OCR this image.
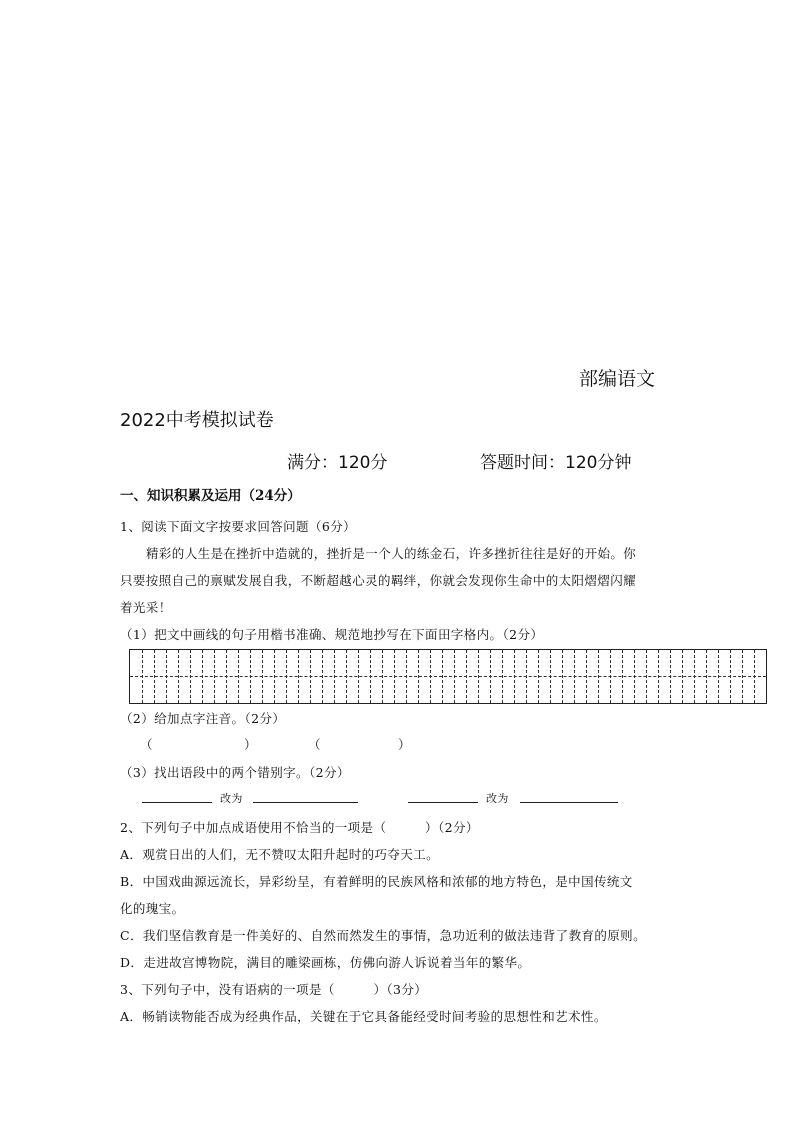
部编语文
2022中考模拟试卷
满分：120分	答题时间：120分钟
一、知识积累及运用（24分）
1、阅读下面文字按要求回答问题（6分）
精彩的人生是在挫折中造就的，挫折是一个人的练金石，许多挫折往往是好的开始。你
只要按照自己的禀赋发展自我，不断超越心灵的羁绊，你就会发现你生命中的太阳熠熠闪耀
着光采！
（1）把文中画线的句子用楷书准确、规范地抄写在下面田字格内。（2分）
（2）给加点字注音。（2分）
（	）	（	）
（3）找出语段中的两个错别字。（2分）
改为	改为
2、下列句子中加点成语使用不恰当的一项是（　　　）（2分）
A．观赏日出的人们，无不赞叹太阳升起时的巧夺天工。
B．中国戏曲源远流长，异彩纷呈，有着鲜明的民族风格和浓郁的地方特色，是中国传统文
化的瑰宝。
C．我们坚信教育是一件美好的、自然而然发生的事情，急功近利的做法违背了教育的原则。
D．走进故宫博物院，满目的雕梁画栋，仿佛向游人诉说着当年的繁华。
3、下列句子中，没有语病的一项是（　　　）（3分）
A．畅销读物能否成为经典作品，关键在于它具备能经受时间考验的思想性和艺术性。
